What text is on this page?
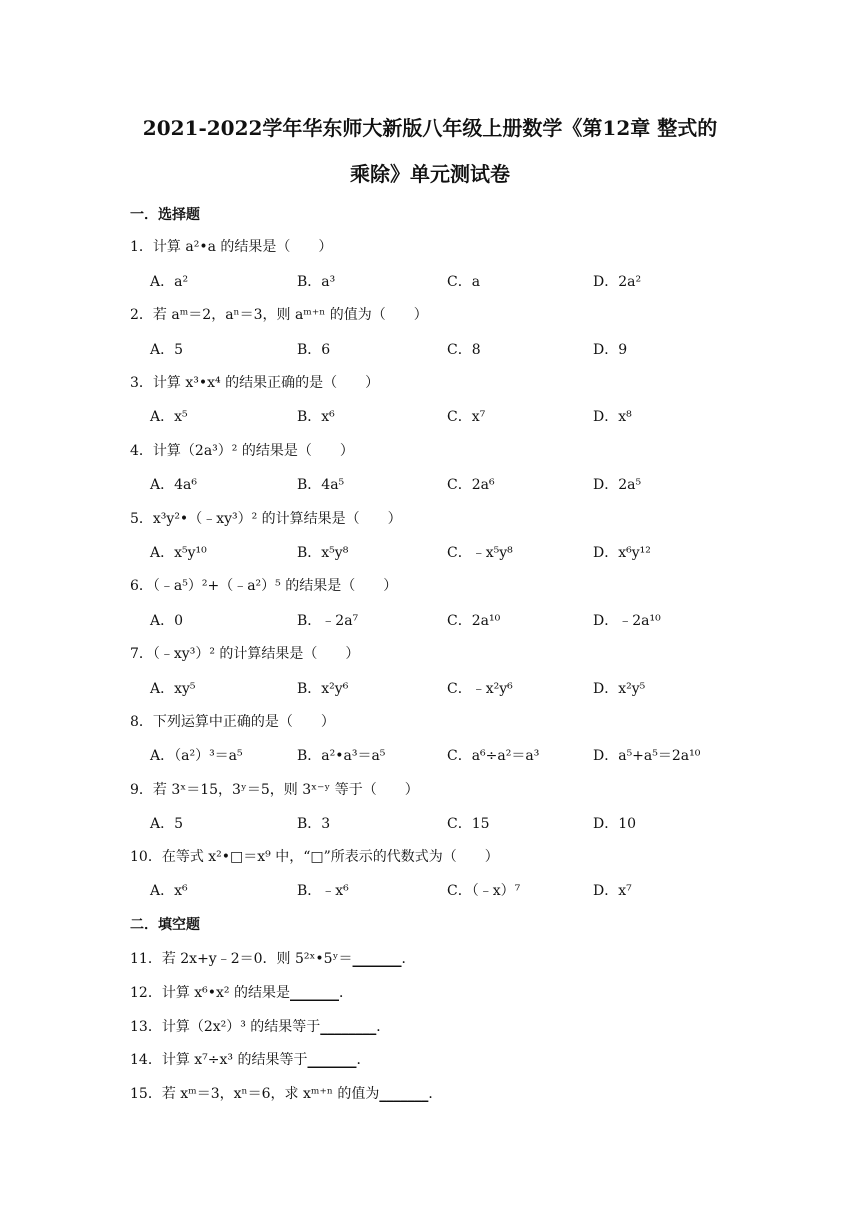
2021-2022学年华东师大新版八年级上册数学《第12章 整式的
乘除》单元测试卷
一．选择题
1．计算 a²•a 的结果是（　　）
A．a²	B．a³	C．a	D．2a²
2．若 aᵐ＝2，aⁿ＝3，则 aᵐ⁺ⁿ 的值为（　　）
A．5	B．6	C．8	D．9
3．计算 x³•x⁴ 的结果正确的是（　　）
A．x⁵	B．x⁶	C．x⁷	D．x⁸
4．计算（2a³）² 的结果是（　　）
A．4a⁶	B．4a⁵	C．2a⁶	D．2a⁵
5．x³y²•（﹣xy³）² 的计算结果是（　　）
A．x⁵y¹⁰	B．x⁵y⁸	C．﹣x⁵y⁸	D．x⁶y¹²
6．（﹣a⁵）²+（﹣a²）⁵ 的结果是（　　）
A．0	B．﹣2a⁷	C．2a¹⁰	D．﹣2a¹⁰
7．（﹣xy³）² 的计算结果是（　　）
A．xy⁵	B．x²y⁶	C．﹣x²y⁶	D．x²y⁵
8．下列运算中正确的是（　　）
A．（a²）³＝a⁵	B．a²•a³＝a⁵	C．a⁶÷a²＝a³	D．a⁵+a⁵＝2a¹⁰
9．若 3ˣ＝15，3ʸ＝5，则 3ˣ⁻ʸ 等于（　　）
A．5	B．3	C．15	D．10
10．在等式 x²•□＝x⁹ 中，“□”所表示的代数式为（　　）
A．x⁶	B．﹣x⁶	C．（﹣x）⁷	D．x⁷
二．填空题
11．若 2x+y﹣2＝0．则 5²ˣ•5ʸ＝_______．
12．计算 x⁶•x² 的结果是_______．
13．计算（2x²）³ 的结果等于________．
14．计算 x⁷÷x³ 的结果等于_______．
15．若 xᵐ＝3，xⁿ＝6，求 xᵐ⁺ⁿ 的值为_______．
